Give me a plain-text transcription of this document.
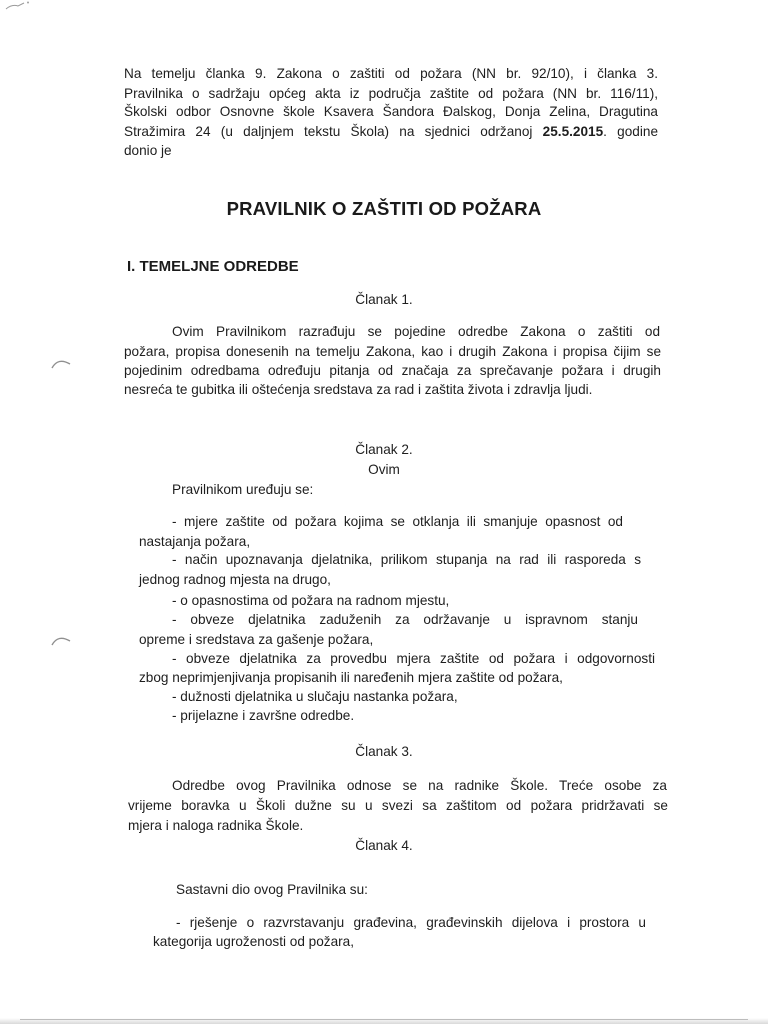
Na temelju članka 9. Zakona o zaštiti od požara (NN br. 92/10), i članka 3.
Pravilnika o sadržaju općeg akta iz područja zaštite od požara (NN br. 116/11),
Školski odbor Osnovne škole Ksavera Šandora Đalskog, Donja Zelina, Dragutina
Stražimira 24 (u daljnjem tekstu Škola) na sjednici održanoj 25.5.2015. godine
donio je
PRAVILNIK O ZAŠTITI OD POŽARA
I. TEMELJNE ODREDBE
Članak 1.
Ovim Pravilnikom razrađuju se pojedine odredbe Zakona o zaštiti od
požara, propisa donesenih na temelju Zakona, kao i drugih Zakona i propisa čijim se
pojedinim odredbama određuju pitanja od značaja za sprečavanje požara i drugih
nesreća te gubitka ili oštećenja sredstava za rad i zaštita života i zdravlja ljudi.
Članak 2.
Ovim
Pravilnikom uređuju se:
- mjere zaštite od požara kojima se otklanja ili smanjuje opasnost od
nastajanja požara,
- način upoznavanja djelatnika, prilikom stupanja na rad ili rasporeda s
jednog radnog mjesta na drugo,
- o opasnostima od požara na radnom mjestu,
- obveze djelatnika zaduženih za održavanje u ispravnom stanju
opreme i sredstava za gašenje požara,
- obveze djelatnika za provedbu mjera zaštite od požara i odgovornosti
zbog neprimjenjivanja propisanih ili naređenih mjera zaštite od požara,
- dužnosti djelatnika u slučaju nastanka požara,
- prijelazne i završne odredbe.
Članak 3.
Odredbe ovog Pravilnika odnose se na radnike Škole. Treće osobe za
vrijeme boravka u Školi dužne su u svezi sa zaštitom od požara pridržavati se
mjera i naloga radnika Škole.
Članak 4.
Sastavni dio ovog Pravilnika su:
- rješenje o razvrstavanju građevina, građevinskih dijelova i prostora u
kategorija ugroženosti od požara,
